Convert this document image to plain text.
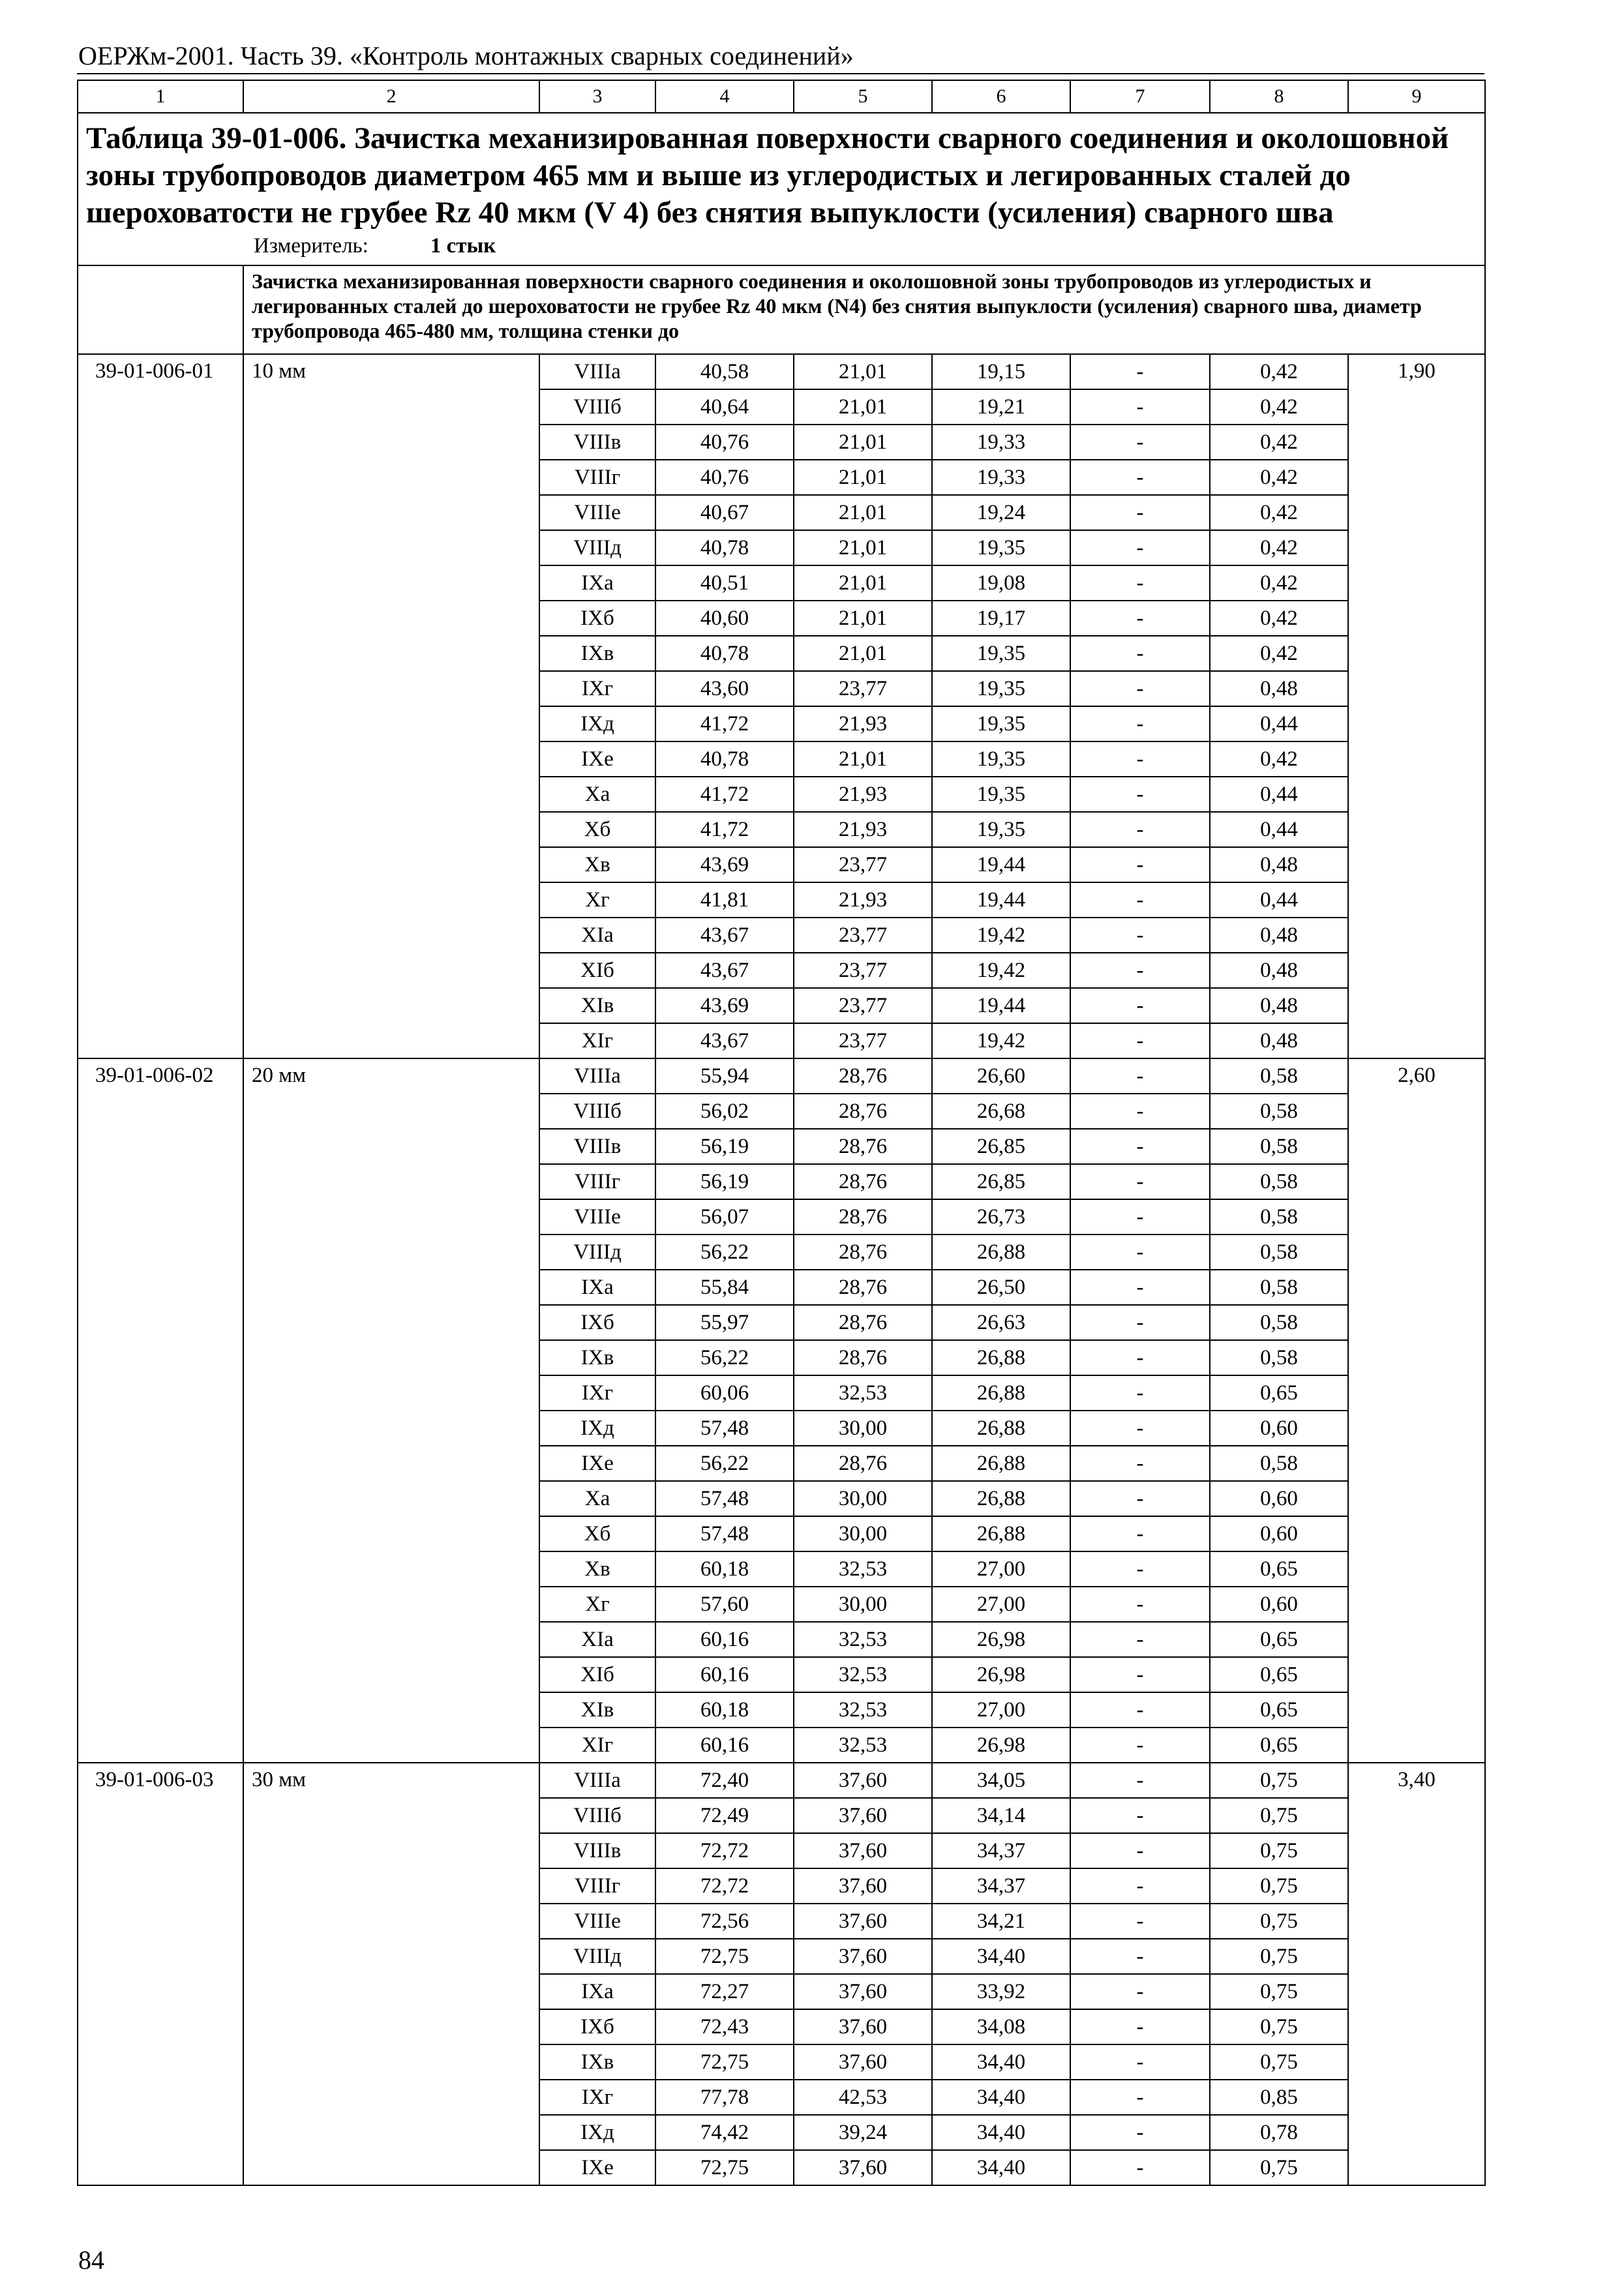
ОЕРЖм-2001. Часть 39. «Контроль монтажных сварных соединений»
1	2	3	4	5	6	7	8	9

Таблица 39-01-006. Зачистка механизированная поверхности сварного соединения и околошовной зоны трубопроводов диаметром 465 мм и выше из углеродистых и легированных сталей до шероховатости не грубее Rz 40 мкм (V 4) без снятия выпуклости (усиления) сварного шва
Измеритель: 1 стык								

	Зачистка механизированная поверхности сварного соединения и околошовной зоны трубопроводов из углеродистых и легированных сталей до шероховатости не грубее Rz 40 мкм (N4) без снятия выпуклости (усиления) сварного шва, диаметр трубопровода 465-480 мм, толщина стенки до							
39-01-006-01	10 мм	VIIIа	40,58	21,01	19,15	-	0,42	1,90
		VIIIб	40,64	21,01	19,21	-	0,42	
		VIIIв	40,76	21,01	19,33	-	0,42	
		VIIIг	40,76	21,01	19,33	-	0,42	
		VIIIе	40,67	21,01	19,24	-	0,42	
		VIIIд	40,78	21,01	19,35	-	0,42	
		IXа	40,51	21,01	19,08	-	0,42	
		IXб	40,60	21,01	19,17	-	0,42	
		IXв	40,78	21,01	19,35	-	0,42	
		IXг	43,60	23,77	19,35	-	0,48	
		IXд	41,72	21,93	19,35	-	0,44	
		IXе	40,78	21,01	19,35	-	0,42	
		Xа	41,72	21,93	19,35	-	0,44	
		Xб	41,72	21,93	19,35	-	0,44	
		Xв	43,69	23,77	19,44	-	0,48	
		Xг	41,81	21,93	19,44	-	0,44	
		XIа	43,67	23,77	19,42	-	0,48	
		XIб	43,67	23,77	19,42	-	0,48	
		XIв	43,69	23,77	19,44	-	0,48	
		XIг	43,67	23,77	19,42	-	0,48	
39-01-006-02	20 мм	VIIIа	55,94	28,76	26,60	-	0,58	2,60
		VIIIб	56,02	28,76	26,68	-	0,58	
		VIIIв	56,19	28,76	26,85	-	0,58	
		VIIIг	56,19	28,76	26,85	-	0,58	
		VIIIе	56,07	28,76	26,73	-	0,58	
		VIIIд	56,22	28,76	26,88	-	0,58	
		IXа	55,84	28,76	26,50	-	0,58	
		IXб	55,97	28,76	26,63	-	0,58	
		IXв	56,22	28,76	26,88	-	0,58	
		IXг	60,06	32,53	26,88	-	0,65	
		IXд	57,48	30,00	26,88	-	0,60	
		IXе	56,22	28,76	26,88	-	0,58	
		Xа	57,48	30,00	26,88	-	0,60	
		Xб	57,48	30,00	26,88	-	0,60	
		Xв	60,18	32,53	27,00	-	0,65	
		Xг	57,60	30,00	27,00	-	0,60	
		XIа	60,16	32,53	26,98	-	0,65	
		XIб	60,16	32,53	26,98	-	0,65	
		XIв	60,18	32,53	27,00	-	0,65	
		XIг	60,16	32,53	26,98	-	0,65	
39-01-006-03	30 мм	VIIIа	72,40	37,60	34,05	-	0,75	3,40
		VIIIб	72,49	37,60	34,14	-	0,75	
		VIIIв	72,72	37,60	34,37	-	0,75	
		VIIIг	72,72	37,60	34,37	-	0,75	
		VIIIе	72,56	37,60	34,21	-	0,75	
		VIIIд	72,75	37,60	34,40	-	0,75	
		IXа	72,27	37,60	33,92	-	0,75	
		IXб	72,43	37,60	34,08	-	0,75	
		IXв	72,75	37,60	34,40	-	0,75	
		IXг	77,78	42,53	34,40	-	0,85	
		IXд	74,42	39,24	34,40	-	0,78	
		IXе	72,75	37,60	34,40	-	0,75	
84
